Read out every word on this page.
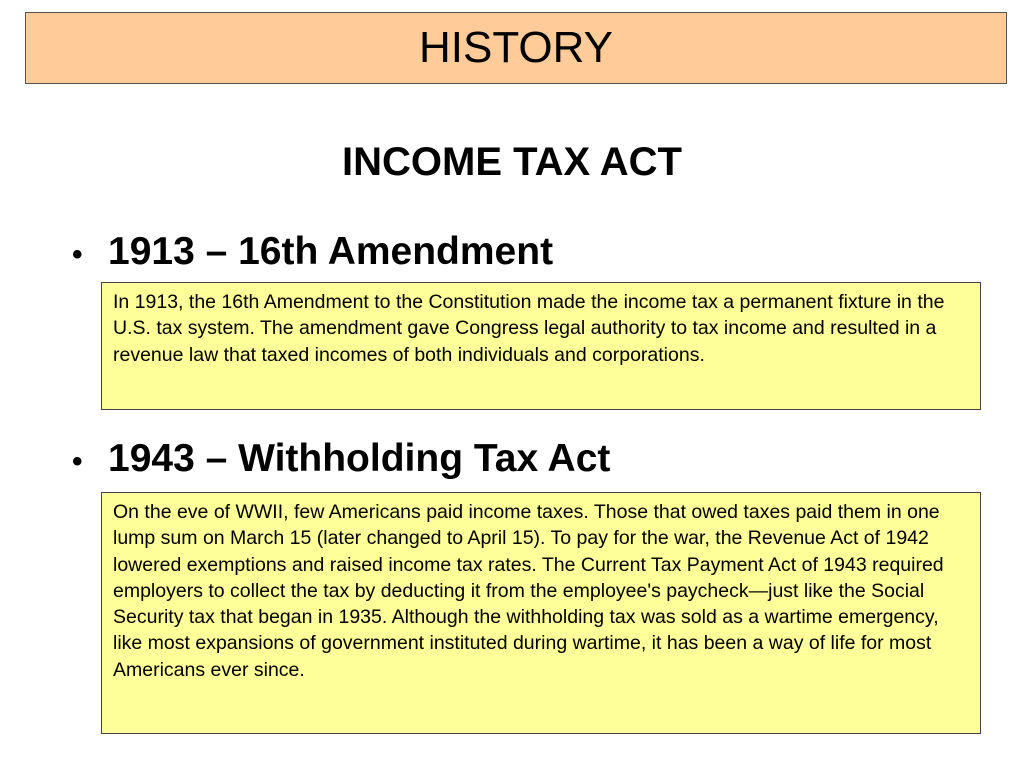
HISTORY
INCOME TAX ACT
• 1913 – 16th Amendment
In 1913, the 16th Amendment to the Constitution made the income tax a permanent fixture in the U.S. tax system. The amendment gave Congress legal authority to tax income and resulted in a revenue law that taxed incomes of both individuals and corporations.
• 1943 – Withholding Tax Act
On the eve of WWII, few Americans paid income taxes. Those that owed taxes paid them in one lump sum on March 15 (later changed to April 15). To pay for the war, the Revenue Act of 1942 lowered exemptions and raised income tax rates. The Current Tax Payment Act of 1943 required employers to collect the tax by deducting it from the employee's paycheck—just like the Social Security tax that began in 1935. Although the withholding tax was sold as a wartime emergency, like most expansions of government instituted during wartime, it has been a way of life for most Americans ever since.
